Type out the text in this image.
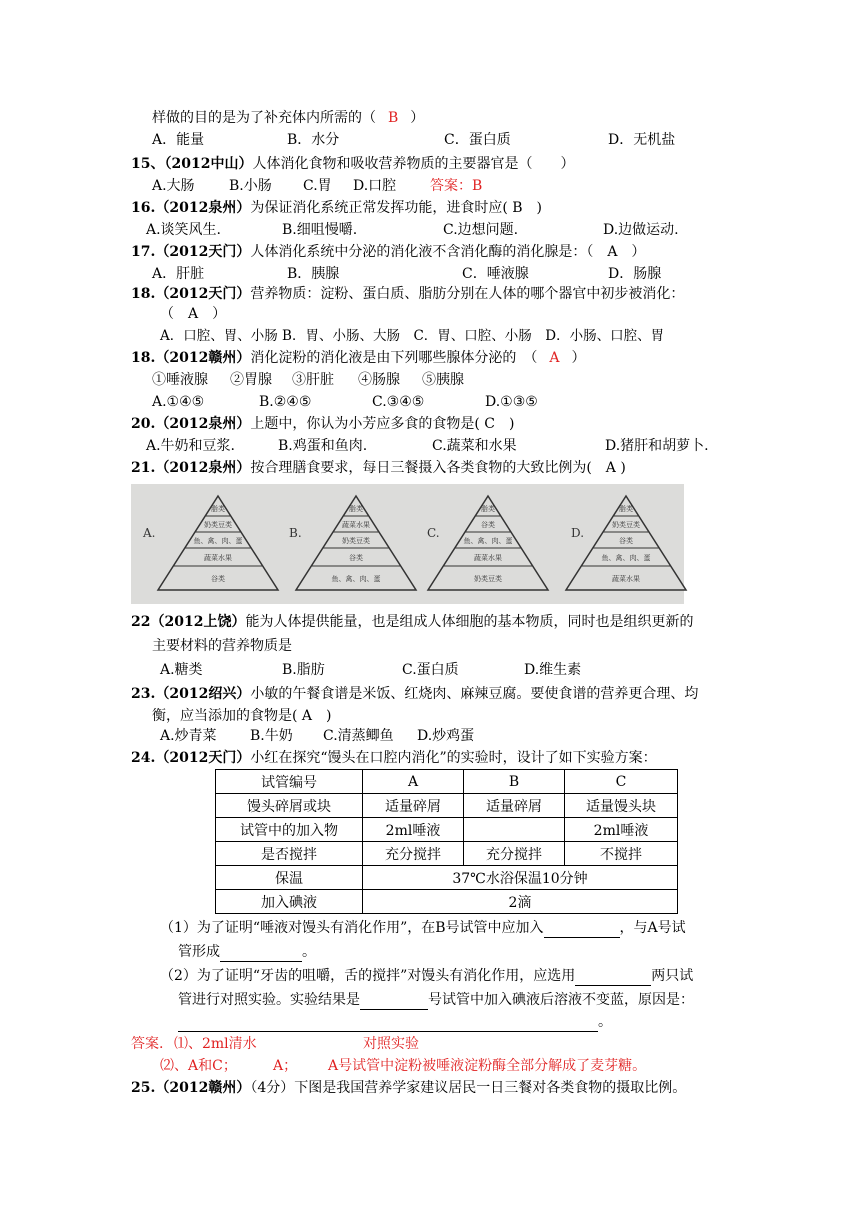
样做的目的是为了补充体内所需的（ B ）
A．能量	B．水分	C．蛋白质	D．无机盐
15、（2012中山）人体消化食物和吸收营养物质的主要器官是（　　）
A.大肠 B.小肠 C.胃 D.口腔 答案：B
16.（2012泉州）为保证消化系统正常发挥功能，进食时应( B　)
A.谈笑风生.	B.细咀慢嚼.	C.边想问题.	D.边做运动.
17.（2012天门）人体消化系统中分泌的消化液不含消化酶的消化腺是：（　A　）
A．肝脏	B．胰腺	C．唾液腺	D．肠腺
18.（2012天门）营养物质：淀粉、蛋白质、脂肪分别在人体的哪个器官中初步被消化：
（　A　）
A．口腔、胃、小肠 B．胃、小肠、大肠　C．胃、口腔、小肠　D．小肠、口腔、胃
18.（2012赣州）消化淀粉的消化液是由下列哪些腺体分泌的　（ A ）
①唾液腺 ②胃腺 ③肝脏 ④肠腺 ⑤胰腺
A.①④⑤	B.②④⑤	C.③④⑤	D.①③⑤
20.（2012泉州）上题中，你认为小芳应多食的食物是( C　)
A.牛奶和豆浆.	B.鸡蛋和鱼肉.	C.蔬菜和水果	D.猪肝和胡萝卜.
21.（2012泉州）按合理膳食要求，每日三餐摄入各类食物的大致比例为(　A )
A.
脂类
奶类豆类
鱼、禽、肉、蛋
蔬菜水果
谷类
B.
脂类
蔬菜水果
奶类豆类
谷类
鱼、禽、肉、蛋
C.
脂类
谷类
鱼、禽、肉、蛋
蔬菜水果
奶类豆类
D.
脂类
奶类豆类
谷类
鱼、禽、肉、蛋
蔬菜水果
22（2012上饶）能为人体提供能量，也是组成人体细胞的基本物质，同时也是组织更新的
主要材料的营养物质是
A.糖类	B.脂肪	C.蛋白质	D.维生素
23.（2012绍兴）小敏的午餐食谱是米饭、红烧肉、麻辣豆腐。要使食谱的营养更合理、均
衡，应当添加的食物是( A　)
A.炒青菜 B.牛奶 C.清蒸鲫鱼 D.炒鸡蛋
24.（2012天门）小红在探究“馒头在口腔内消化”的实验时，设计了如下实验方案：
试管编号	A	B	C
馒头碎屑或块	适量碎屑	适量碎屑	适量馒头块
试管中的加入物	2ml唾液		2ml唾液
是否搅拌	充分搅拌	充分搅拌	不搅拌
保温	37℃水浴保温10分钟		
加入碘液	2滴		
（1）为了证明“唾液对馒头有消化作用”，在B号试管中应加入	，与A号试
管形成	。
（2）为了证明“牙齿的咀嚼，舌的搅拌”对馒头有消化作用，应选用	两只试
管进行对照实验。实验结果是	号试管中加入碘液后溶液不变蓝，原因是：
。
答案. ⑴、2ml清水	对照实验
⑵、A和C；	A； A号试管中淀粉被唾液淀粉酶全部分解成了麦芽糖。
25.（2012赣州）（4分）下图是我国营养学家建议居民一日三餐对各类食物的摄取比例。
